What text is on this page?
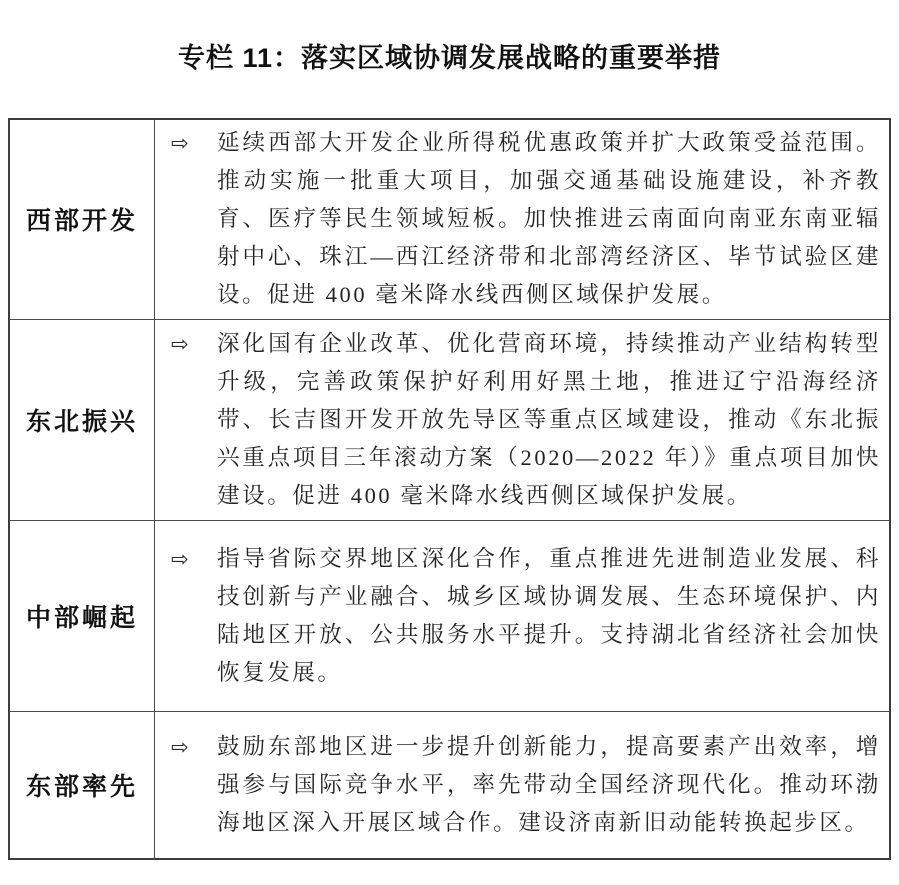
专栏 11：落实区域协调发展战略的重要举措
西部开发	⇨ 延续西部大开发企业所得税优惠政策并扩大政策受益范围。推动实施一批重大项目，加强交通基础设施建设，补齐教育、医疗等民生领域短板。加快推进云南面向南亚东南亚辐射中心、珠江—西江经济带和北部湾经济区、毕节试验区建设。促进 400 毫米降水线西侧区域保护发展。

东北振兴	⇨ 深化国有企业改革、优化营商环境，持续推动产业结构转型升级，完善政策保护好利用好黑土地，推进辽宁沿海经济带、长吉图开发开放先导区等重点区域建设，推动《东北振兴重点项目三年滚动方案（2020—2022 年）》重点项目加快建设。促进 400 毫米降水线西侧区域保护发展。

中部崛起	⇨ 指导省际交界地区深化合作，重点推进先进制造业发展、科技创新与产业融合、城乡区域协调发展、生态环境保护、内陆地区开放、公共服务水平提升。支持湖北省经济社会加快恢复发展。

东部率先	⇨ 鼓励东部地区进一步提升创新能力，提高要素产出效率，增强参与国际竞争水平，率先带动全国经济现代化。推动环渤海地区深入开展区域合作。建设济南新旧动能转换起步区。
